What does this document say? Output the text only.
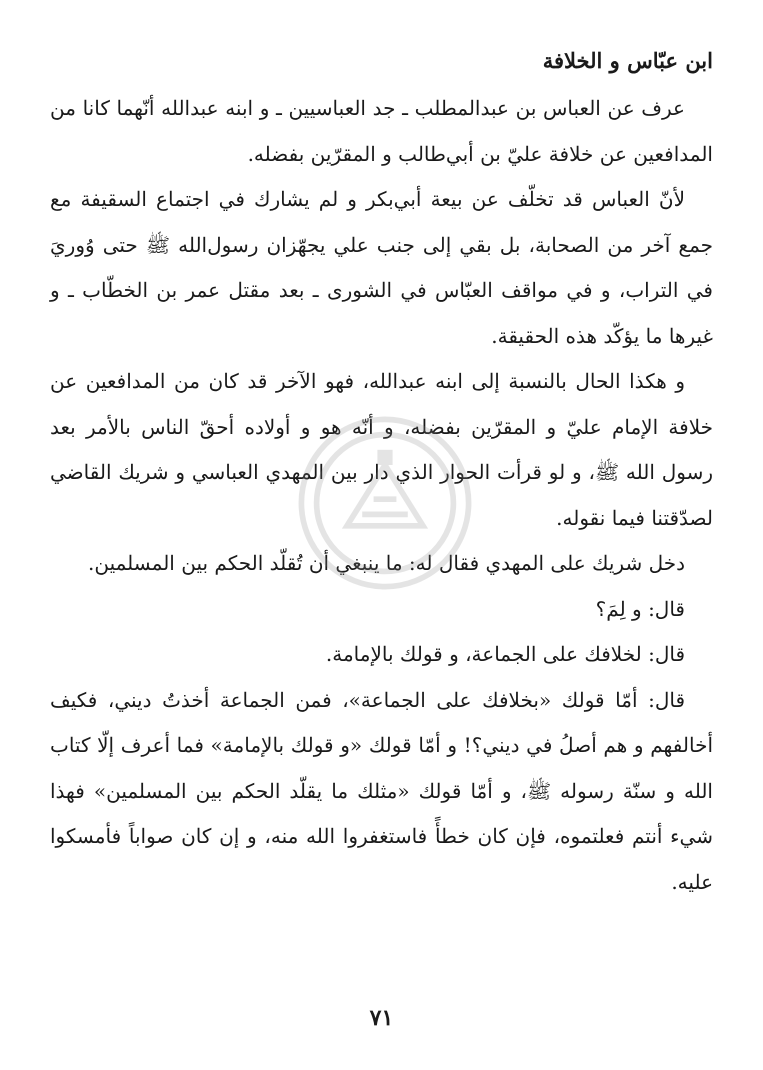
ابن عبّاس و الخلافة

عرف عن العباس بن عبدالمطلب ـ جد العباسيين ـ و ابنه عبدالله أنّهما كانا من المدافعين عن خلافة عليّ بن أبي‌طالب و المقرّين بفضله.

لأنّ العباس قد تخلّف عن بيعة أبي‌بكر و لم يشارك في اجتماع السقيفة مع جمع آخر من الصحابة، بل بقي إلى جنب علي يجهّزان رسول‌الله ﷺ حتى وُوريَ في التراب، و في مواقف العبّاس في الشورى ـ بعد مقتل عمر بن الخطّاب ـ و غيرها ما يؤكّد هذه الحقيقة.

و هكذا الحال بالنسبة إلى ابنه عبدالله، فهو الآخر قد كان من المدافعين عن خلافة الإمام عليّ و المقرّين بفضله، و أنّه هو و أولاده أحقّ الناس بالأمر بعد رسول الله ﷺ، و لو قرأت الحوار الذي دار بين المهدي العباسي و شريك القاضي لصدّقتنا فيما نقوله.

دخل شريك على المهدي فقال له: ما ينبغي أن تُقلّد الحكم بين المسلمين.

قال: و لِمَ؟

قال: لخلافك على الجماعة، و قولك بالإمامة.

قال: أمّا قولك «بخلافك على الجماعة»، فمن الجماعة أخذتُ ديني، فكيف أخالفهم و هم أصلُ في ديني؟! و أمّا قولك «و قولك بالإمامة» فما أعرف إلّا كتاب الله و سنّة رسوله ﷺ، و أمّا قولك «مثلك ما يقلّد الحكم بين المسلمين» فهذا شيء أنتم فعلتموه، فإن كان خطأً فاستغفروا الله منه، و إن كان صواباً فأمسكوا عليه.

٧١
